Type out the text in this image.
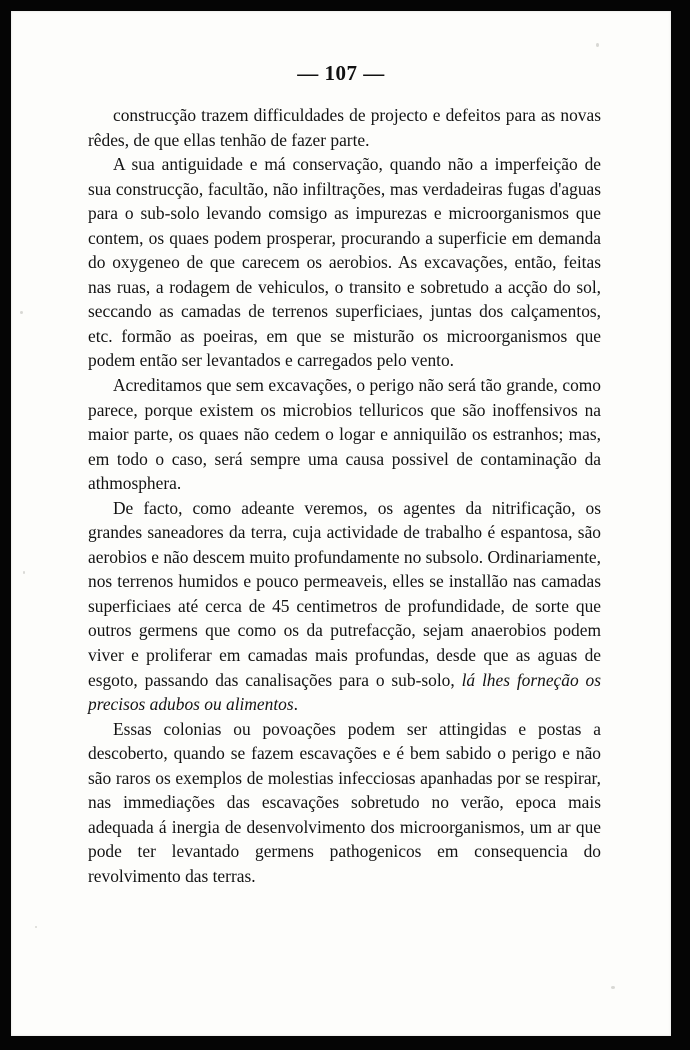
— 107 —

construcção trazem difficuldades de projecto e defeitos para as novas rêdes, de que ellas tenhão de fazer parte.

A sua antiguidade e má conservação, quando não a imperfeição de sua construcção, facultão, não infiltrações, mas verdadeiras fugas d'aguas para o sub-solo levando comsigo as impurezas e microorganismos que contem, os quaes podem prosperar, procurando a superficie em demanda do oxygeneo de que carecem os aerobios. As excavações, então, feitas nas ruas, a rodagem de vehiculos, o transito e sobretudo a acção do sol, seccando as camadas de terrenos superficiaes, juntas dos calçamentos, etc. formão as poeiras, em que se misturão os microorganismos que podem então ser levantados e carregados pelo vento.

Acreditamos que sem excavações, o perigo não será tão grande, como parece, porque existem os microbios telluricos que são inoffensivos na maior parte, os quaes não cedem o logar e anniquilão os estranhos; mas, em todo o caso, será sempre uma causa possivel de contaminação da athmosphera.

De facto, como adeante veremos, os agentes da nitrificação, os grandes saneadores da terra, cuja actividade de trabalho é espantosa, são aerobios e não descem muito profundamente no subsolo. Ordinariamente, nos terrenos humidos e pouco permeaveis, elles se installão nas camadas superficiaes até cerca de 45 centimetros de profundidade, de sorte que outros germens que como os da putrefacção, sejam anaerobios podem viver e proliferar em camadas mais profundas, desde que as aguas de esgoto, passando das canalisações para o sub-solo, lá lhes forneção os precisos adubos ou alimentos.

Essas colonias ou povoações podem ser attingidas e postas a descoberto, quando se fazem escavações e é bem sabido o perigo e não são raros os exemplos de molestias infecciosas apanhadas por se respirar, nas immediações das escavações sobretudo no verão, epoca mais adequada á inergia de desenvolvimento dos microorganismos, um ar que pode ter levantado germens pathogenicos em consequencia do revolvimento das terras.
